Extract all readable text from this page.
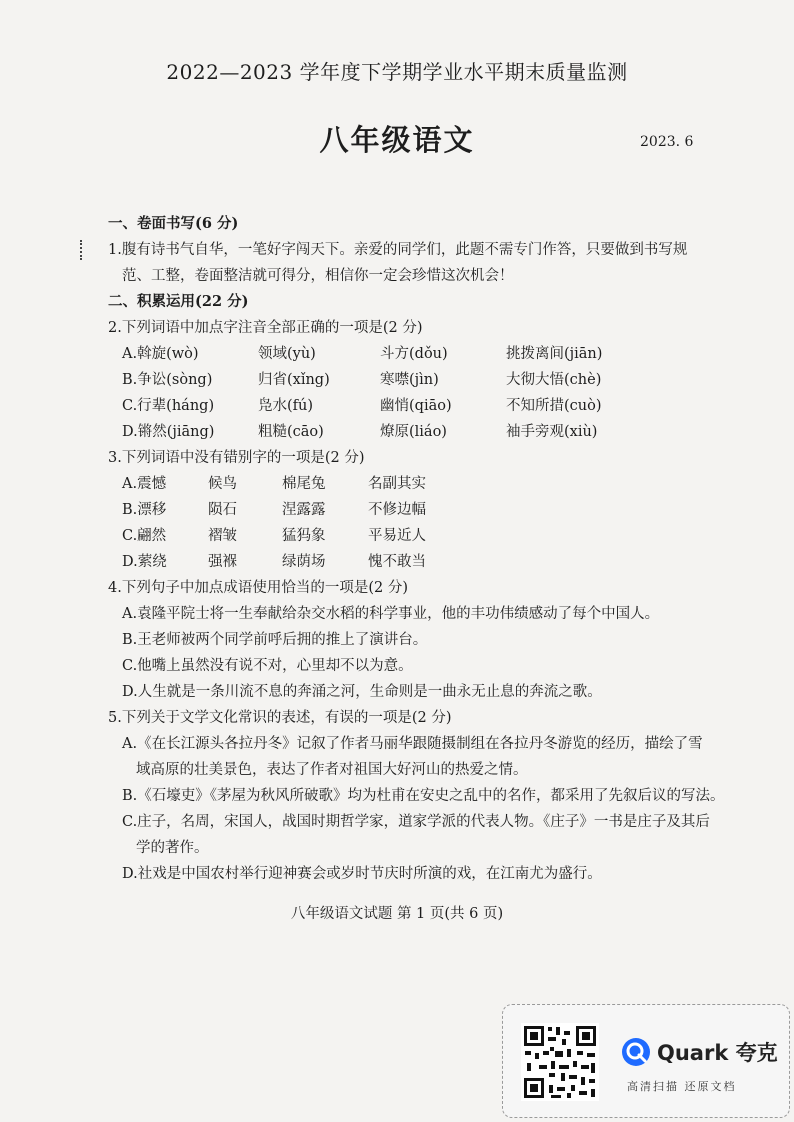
2022—2023 学年度下学期学业水平期末质量监测
八年级语文	2023. 6
一、卷面书写(6 分)
1.腹有诗书气自华，一笔好字闯天下。亲爱的同学们，此题不需专门作答，只要做到书写规
范、工整，卷面整洁就可得分，相信你一定会珍惜这次机会！
二、积累运用(22 分)
2.下列词语中加点字注音全部正确的一项是(2 分)
A.斡旋(wò)	领域(yù)	斗方(dǒu)	挑拨离间(jiān)
B.争讼(sòng)	归省(xǐng)	寒噤(jìn)	大彻大悟(chè)
C.行辈(háng)	凫水(fú)	幽悄(qiāo)	不知所措(cuò)
D.锵然(jiāng)	粗糙(cāo)	燎原(liáo)	袖手旁观(xiù)
3.下列词语中没有错别字的一项是(2 分)
A.震憾	候鸟	棉尾兔	名副其实
B.漂移	陨石	涅露露	不修边幅
C.翩然	褶皱	猛犸象	平易近人
D.萦绕	强褓	绿荫场	愧不敢当
4.下列句子中加点成语使用恰当的一项是(2 分)
A.袁隆平院士将一生奉献给杂交水稻的科学事业，他的丰功伟绩感动了每个中国人。
B.王老师被两个同学前呼后拥的推上了演讲台。
C.他嘴上虽然没有说不对，心里却不以为意。
D.人生就是一条川流不息的奔涌之河，生命则是一曲永无止息的奔流之歌。
5.下列关于文学文化常识的表述，有误的一项是(2 分)
A.《在长江源头各拉丹冬》记叙了作者马丽华跟随摄制组在各拉丹冬游览的经历，描绘了雪
域高原的壮美景色，表达了作者对祖国大好河山的热爱之情。
B.《石壕吏》《茅屋为秋风所破歌》均为杜甫在安史之乱中的名作，都采用了先叙后议的写法。
C.庄子，名周，宋国人，战国时期哲学家，道家学派的代表人物。《庄子》一书是庄子及其后
学的著作。
D.社戏是中国农村举行迎神赛会或岁时节庆时所演的戏，在江南尤为盛行。
八年级语文试题 第 1 页(共 6 页)
Quark 夸克
高清扫描 还原文档
